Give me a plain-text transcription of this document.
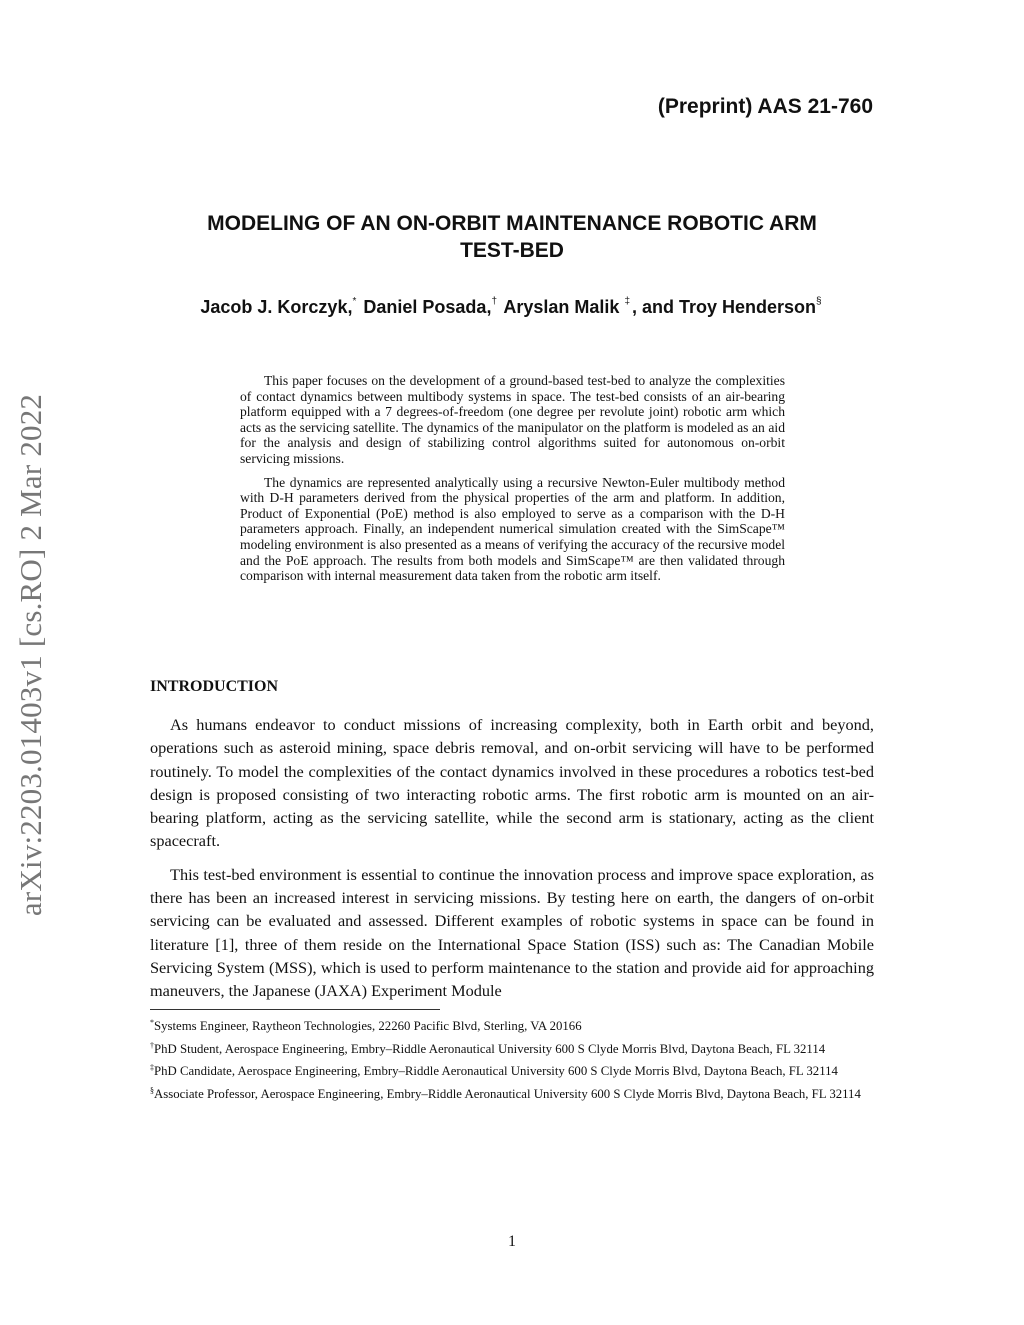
arXiv:2203.01403v1 [cs.RO] 2 Mar 2022
(Preprint) AAS 21-760
MODELING OF AN ON-ORBIT MAINTENANCE ROBOTIC ARM
TEST-BED
Jacob J. Korczyk,* Daniel Posada,† Aryslan Malik ‡ , and Troy Henderson§

This paper focuses on the development of a ground-based test-bed to analyze the complexities of contact dynamics between multibody systems in space. The test-bed consists of an air-bearing platform equipped with a 7 degrees-of-freedom (one degree per revolute joint) robotic arm which acts as the servicing satellite. The dynamics of the manipulator on the platform is modeled as an aid for the analysis and design of stabilizing control algorithms suited for autonomous on-orbit servicing missions.

The dynamics are represented analytically using a recursive Newton-Euler multibody method with D-H parameters derived from the physical properties of the arm and platform. In addition, Product of Exponential (PoE) method is also employed to serve as a comparison with the D-H parameters approach. Finally, an independent numerical simulation created with the SimScape™ modeling environment is also presented as a means of verifying the accuracy of the recursive model and the PoE approach. The results from both models and SimScape™ are then validated through comparison with internal measurement data taken from the robotic arm itself.

INTRODUCTION

As humans endeavor to conduct missions of increasing complexity, both in Earth orbit and beyond, operations such as asteroid mining, space debris removal, and on-orbit servicing will have to be performed routinely. To model the complexities of the contact dynamics involved in these procedures a robotics test-bed design is proposed consisting of two interacting robotic arms. The first robotic arm is mounted on an air-bearing platform, acting as the servicing satellite, while the second arm is stationary, acting as the client spacecraft.

This test-bed environment is essential to continue the innovation process and improve space exploration, as there has been an increased interest in servicing missions. By testing here on earth, the dangers of on-orbit servicing can be evaluated and assessed. Different examples of robotic systems in space can be found in literature [1], three of them reside on the International Space Station (ISS) such as: The Canadian Mobile Servicing System (MSS), which is used to perform maintenance to the station and provide aid for approaching maneuvers, the Japanese (JAXA) Experiment Module

*Systems Engineer, Raytheon Technologies, 22260 Pacific Blvd, Sterling, VA 20166

†PhD Student, Aerospace Engineering, Embry–Riddle Aeronautical University 600 S Clyde Morris Blvd, Daytona Beach, FL 32114

‡PhD Candidate, Aerospace Engineering, Embry–Riddle Aeronautical University 600 S Clyde Morris Blvd, Daytona Beach, FL 32114

§Associate Professor, Aerospace Engineering, Embry–Riddle Aeronautical University 600 S Clyde Morris Blvd, Daytona Beach, FL 32114

1
